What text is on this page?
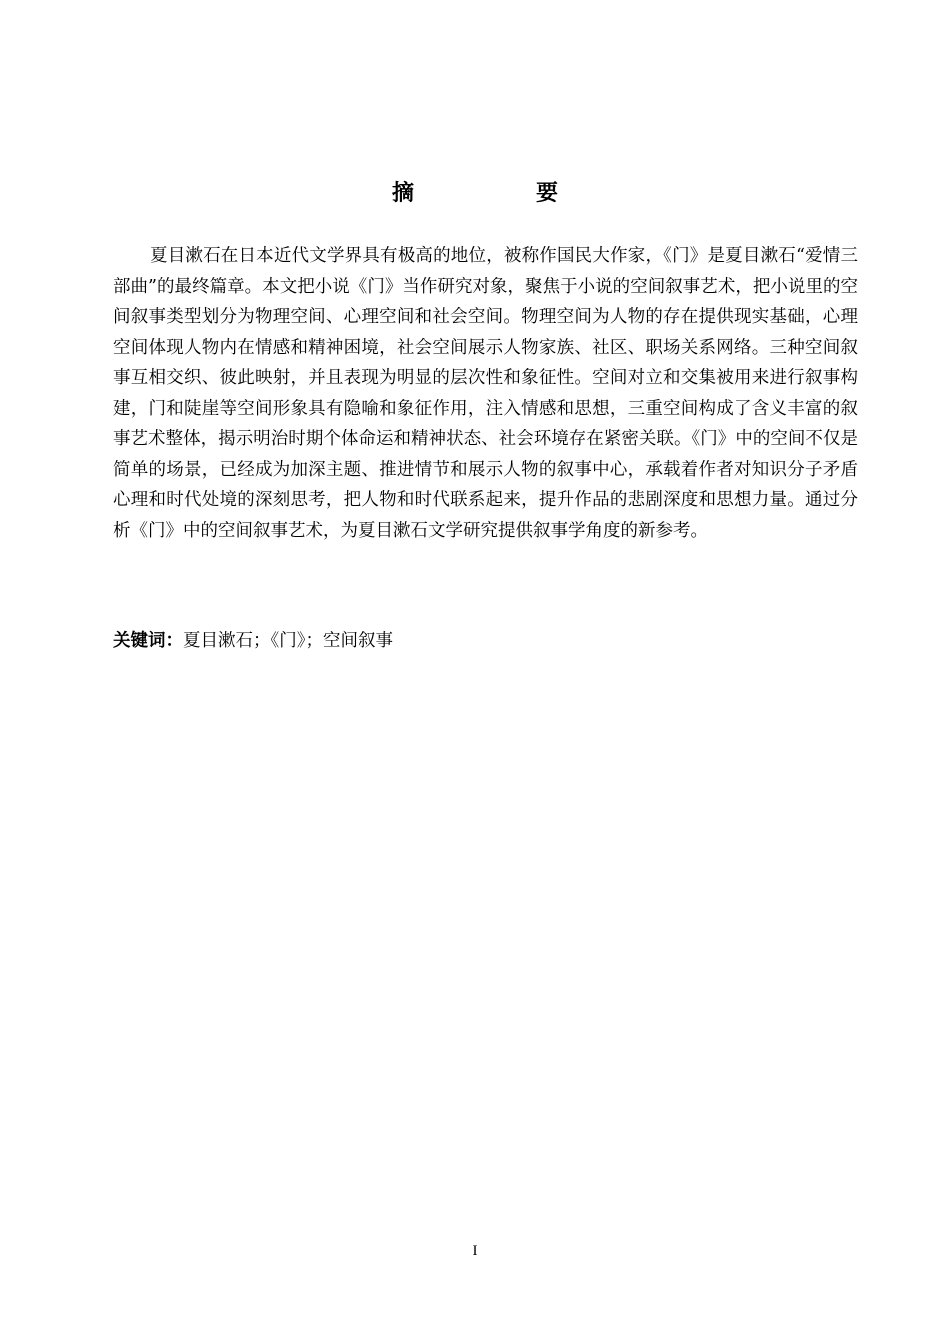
摘　要

夏目漱石在日本近代文学界具有极高的地位，被称作国民大作家，《门》是夏目漱石“爱情三部曲”的最终篇章。本文把小说《门》当作研究对象，聚焦于小说的空间叙事艺术，把小说里的空间叙事类型划分为物理空间、心理空间和社会空间。物理空间为人物的存在提供现实基础，心理空间体现人物内在情感和精神困境，社会空间展示人物家族、社区、职场关系网络。三种空间叙事互相交织、彼此映射，并且表现为明显的层次性和象征性。空间对立和交集被用来进行叙事构建，门和陡崖等空间形象具有隐喻和象征作用，注入情感和思想，三重空间构成了含义丰富的叙事艺术整体，揭示明治时期个体命运和精神状态、社会环境存在紧密关联。《门》中的空间不仅是简单的场景，已经成为加深主题、推进情节和展示人物的叙事中心，承载着作者对知识分子矛盾心理和时代处境的深刻思考，把人物和时代联系起来，提升作品的悲剧深度和思想力量。通过分析《门》中的空间叙事艺术，为夏目漱石文学研究提供叙事学角度的新参考。

关键词：夏目漱石；《门》；空间叙事

I
